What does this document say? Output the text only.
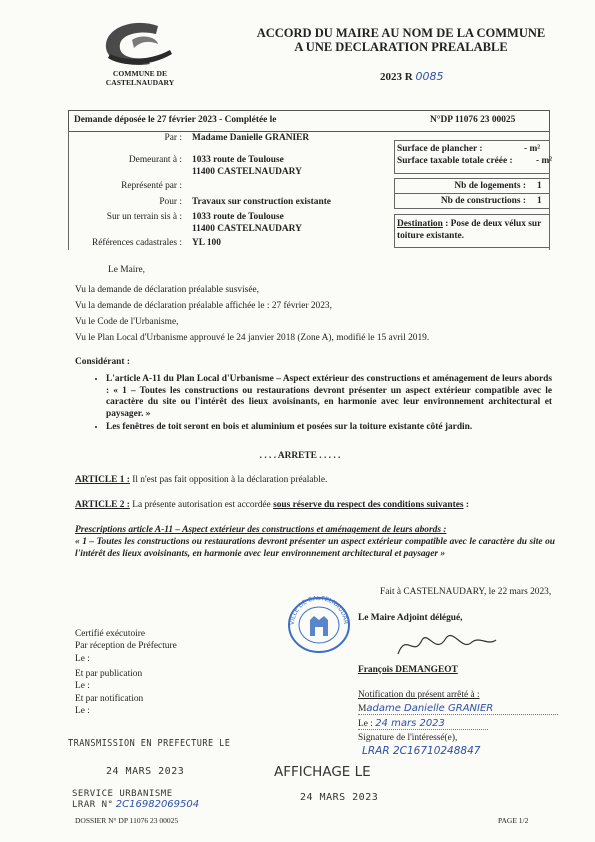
COMMUNE DE CASTELNAUDARY
ACCORD DU MAIRE AU NOM DE LA COMMUNE
A UNE DECLARATION PREALABLE
2023 R 0085
Demande déposée le 27 février 2023 - Complétée le	N°DP 11076 23 00025
Par : Madame Danielle GRANIER
Demeurant à : 1033 route de Toulouse
11400 CASTELNAUDARY
Représenté par :
Pour : Travaux sur construction existante
Sur un terrain sis à : 1033 route de Toulouse
11400 CASTELNAUDARY
Références cadastrales : YL 100
Surface de plancher :	- m²
Surface taxable totale créée : - m²
Nb de logements : 1
Nb de constructions : 1
Destination : Pose de deux vélux sur toiture existante.
Le Maire,
Vu la demande de déclaration préalable susvisée,
Vu la demande de déclaration préalable affichée le : 27 février 2023,
Vu le Code de l'Urbanisme,
Vu le Plan Local d'Urbanisme approuvé le 24 janvier 2018 (Zone A), modifié le 15 avril 2019.
Considérant :
• L'article A-11 du Plan Local d'Urbanisme – Aspect extérieur des constructions et aménagement de leurs abords : « 1 – Toutes les constructions ou restaurations devront présenter un aspect extérieur compatible avec le caractère du site ou l'intérêt des lieux avoisinants, en harmonie avec leur environnement architectural et paysager. »
• Les fenêtres de toit seront en bois et aluminium et posées sur la toiture existante côté jardin.
. . . . ARRETE . . . . .
ARTICLE 1 : Il n'est pas fait opposition à la déclaration préalable.
ARTICLE 2 : La présente autorisation est accordée sous réserve du respect des conditions suivantes :
Prescriptions article A-11 – Aspect extérieur des constructions et aménagement de leurs abords :
« 1 – Toutes les constructions ou restaurations devront présenter un aspect extérieur compatible avec le caractère du site ou l'intérêt des lieux avoisinants, en harmonie avec leur environnement architectural et paysager »
Fait à CASTELNAUDARY, le 22 mars 2023,
VILLE DE CASTELNAUDAR Le Maire Adjoint délégué,
François DEMANGEOT
Certifié exécutoire
Par réception de Préfecture
Le :
Et par publication
Le :
Et par notification
Le :
Notification du présent arrêté à :
Madame Danielle GRANIER
Le : 24 mars 2023
Signature de l'intéressé(e),
LRAR 2C16710248847
TRANSMISSION EN PREFECTURE LE
24 MARS 2023	AFFICHAGE LE
24 MARS 2023
SERVICE URBANISME
LRAR N° 2C16982069504
DOSSIER N° DP 11076 23 00025	PAGE 1/2
